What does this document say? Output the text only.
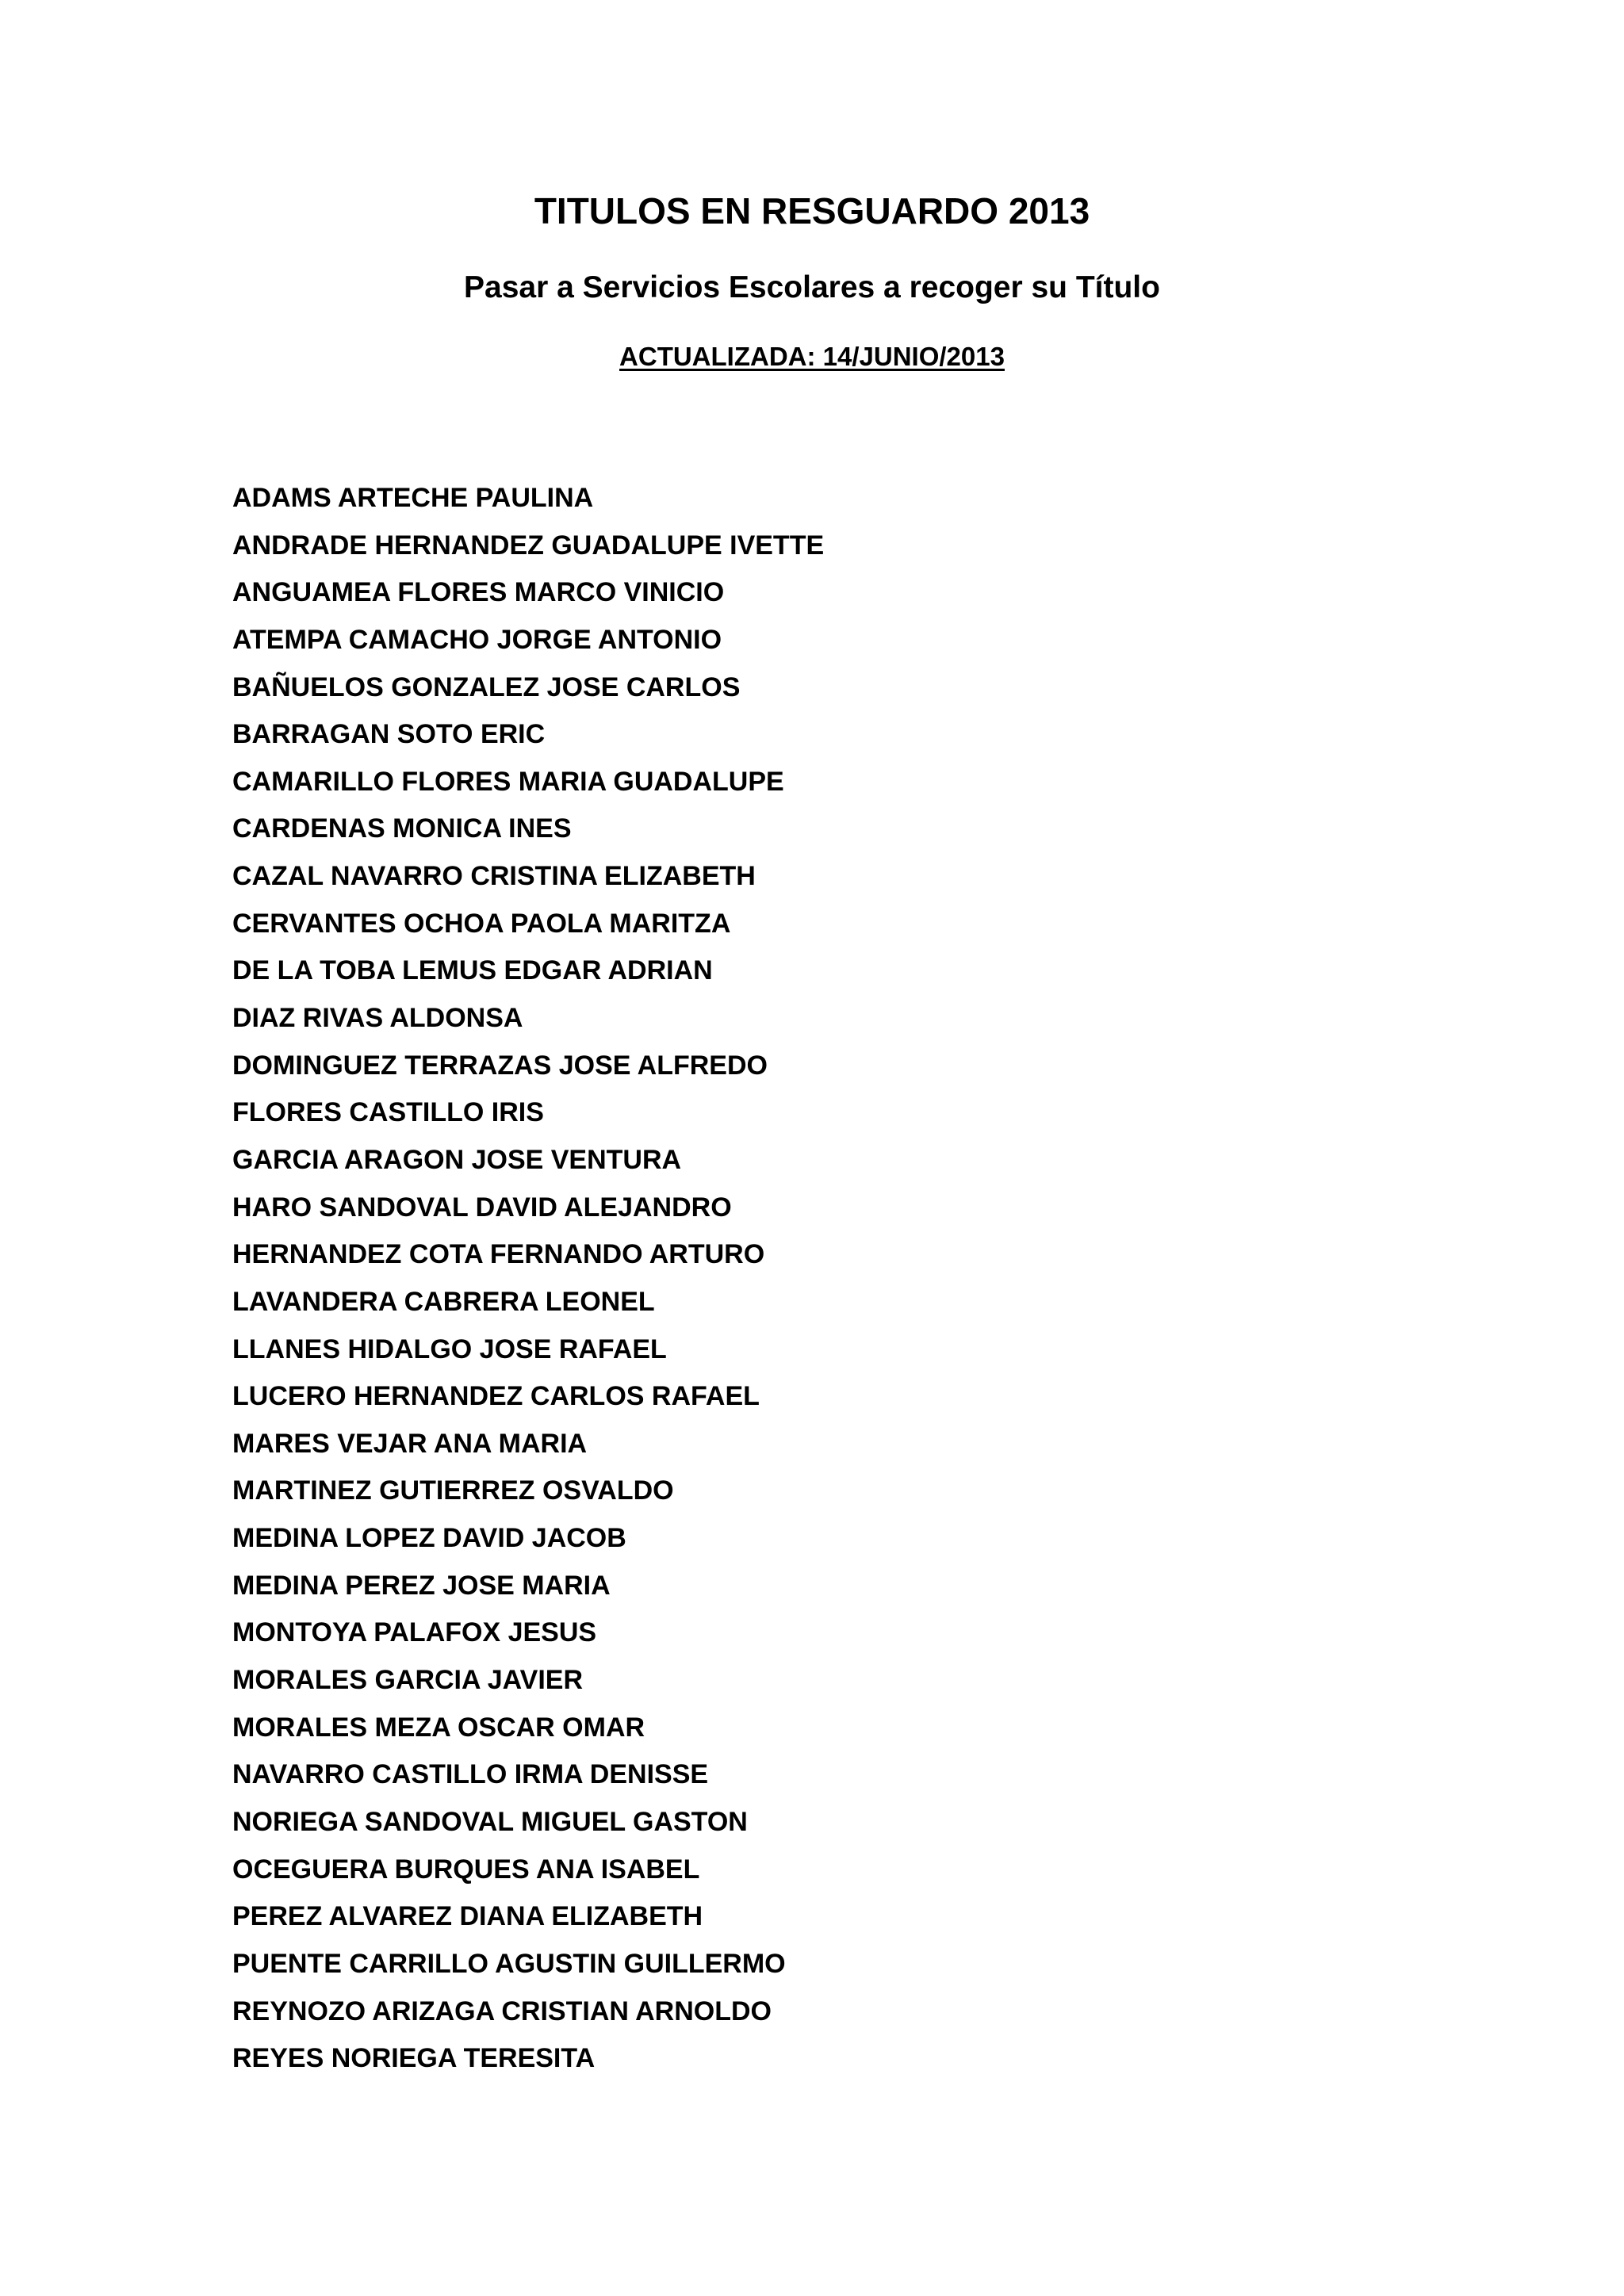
TITULOS EN RESGUARDO 2013
Pasar a Servicios Escolares a recoger su Título
ACTUALIZADA: 14/JUNIO/2013
ADAMS ARTECHE PAULINA
ANDRADE HERNANDEZ GUADALUPE IVETTE
ANGUAMEA FLORES MARCO VINICIO
ATEMPA CAMACHO JORGE ANTONIO
BAÑUELOS GONZALEZ JOSE CARLOS
BARRAGAN SOTO ERIC
CAMARILLO FLORES MARIA GUADALUPE
CARDENAS MONICA INES
CAZAL NAVARRO CRISTINA ELIZABETH
CERVANTES OCHOA PAOLA MARITZA
DE LA TOBA LEMUS EDGAR ADRIAN
DIAZ RIVAS ALDONSA
DOMINGUEZ TERRAZAS JOSE ALFREDO
FLORES CASTILLO IRIS
GARCIA ARAGON JOSE VENTURA
HARO SANDOVAL DAVID ALEJANDRO
HERNANDEZ COTA FERNANDO ARTURO
LAVANDERA CABRERA LEONEL
LLANES HIDALGO JOSE RAFAEL
LUCERO HERNANDEZ CARLOS RAFAEL
MARES VEJAR ANA MARIA
MARTINEZ GUTIERREZ OSVALDO
MEDINA LOPEZ DAVID JACOB
MEDINA PEREZ JOSE MARIA
MONTOYA PALAFOX JESUS
MORALES GARCIA JAVIER
MORALES MEZA OSCAR OMAR
NAVARRO CASTILLO IRMA DENISSE
NORIEGA SANDOVAL MIGUEL GASTON
OCEGUERA BURQUES ANA ISABEL
PEREZ ALVAREZ DIANA ELIZABETH
PUENTE CARRILLO AGUSTIN GUILLERMO
REYNOZO ARIZAGA CRISTIAN ARNOLDO
REYES NORIEGA TERESITA
